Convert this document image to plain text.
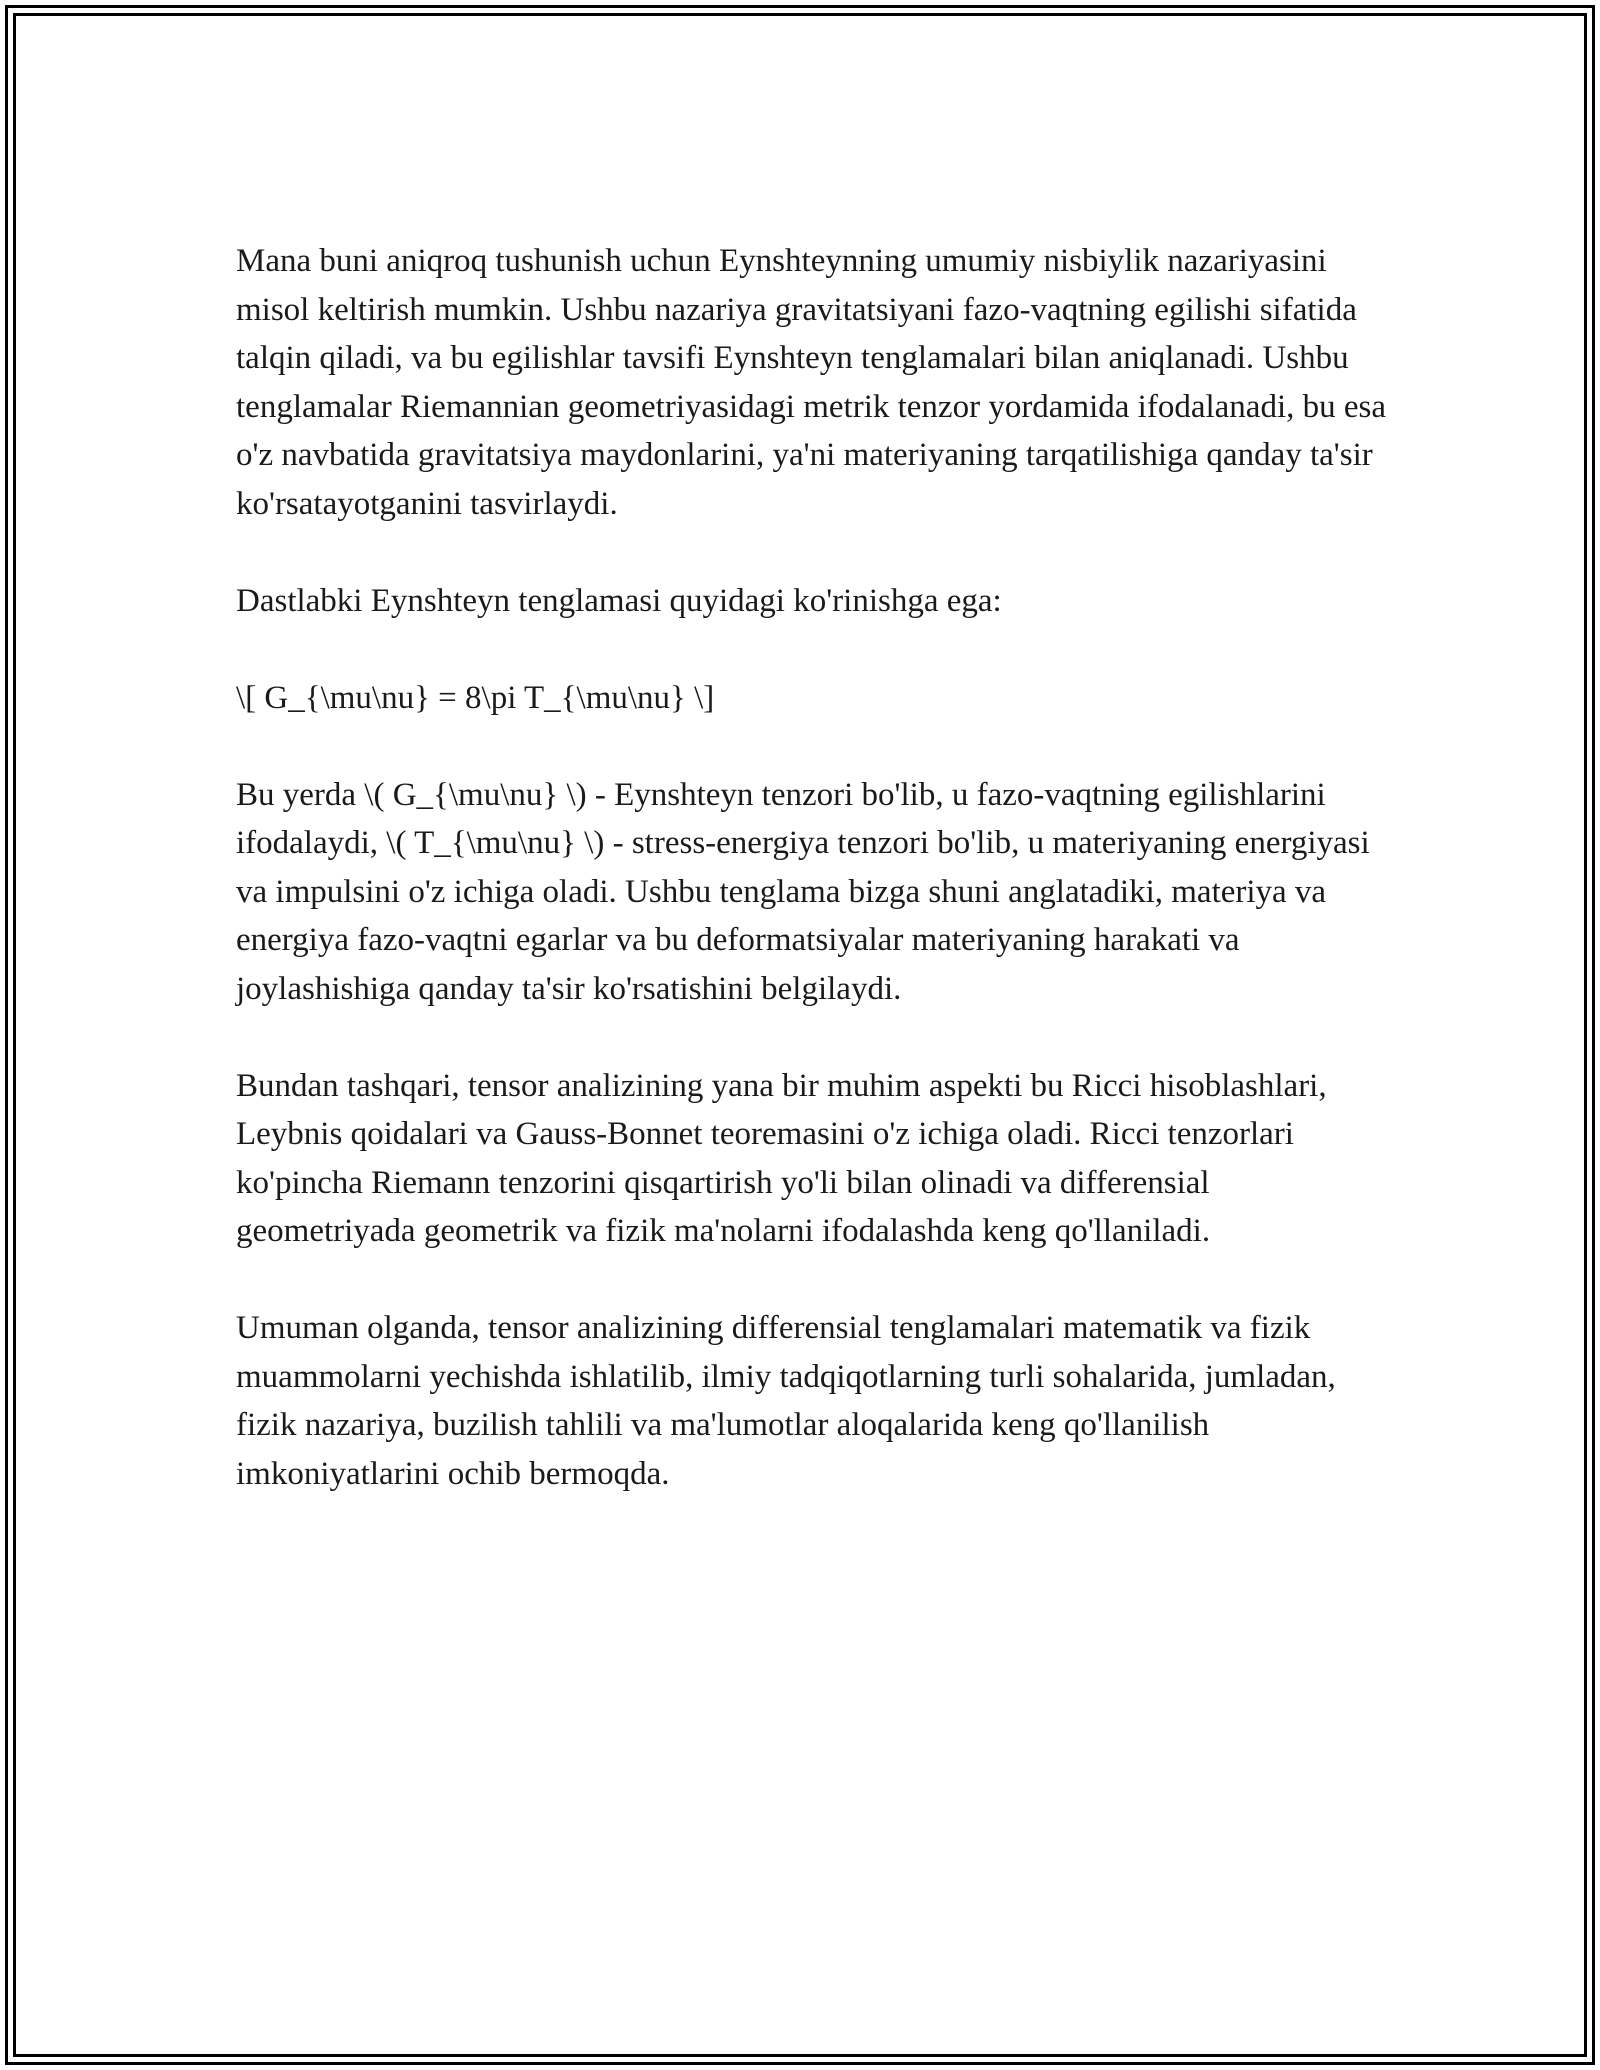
Mana buni aniqroq tushunish uchun Eynshteynning umumiy nisbiylik nazariyasini misol keltirish mumkin. Ushbu nazariya gravitatsiyani fazo-vaqtning egilishi sifatida talqin qiladi, va bu egilishlar tavsifi Eynshteyn tenglamalari bilan aniqlanadi. Ushbu tenglamalar Riemannian geometriyasidagi metrik tenzor yordamida ifodalanadi, bu esa o'z navbatida gravitatsiya maydonlarini, ya'ni materiyaning tarqatilishiga qanday ta'sir ko'rsatayotganini tasvirlaydi.

Dastlabki Eynshteyn tenglamasi quyidagi ko'rinishga ega:

\[ G_{\mu\nu} = 8\pi T_{\mu\nu} \]

Bu yerda \( G_{\mu\nu} \) - Eynshteyn tenzori bo'lib, u fazo-vaqtning egilishlarini ifodalaydi, \( T_{\mu\nu} \) - stress-energiya tenzori bo'lib, u materiyaning energiyasi va impulsini o'z ichiga oladi. Ushbu tenglama bizga shuni anglatadiki, materiya va energiya fazo-vaqtni egarlar va bu deformatsiyalar materiyaning harakati va joylashishiga qanday ta'sir ko'rsatishini belgilaydi.

Bundan tashqari, tensor analizining yana bir muhim aspekti bu Ricci hisoblashlari, Leybnis qoidalari va Gauss-Bonnet teoremasini o'z ichiga oladi. Ricci tenzorlari ko'pincha Riemann tenzorini qisqartirish yo'li bilan olinadi va differensial geometriyada geometrik va fizik ma'nolarni ifodalashda keng qo'llaniladi.

Umuman olganda, tensor analizining differensial tenglamalari matematik va fizik muammolarni yechishda ishlatilib, ilmiy tadqiqotlarning turli sohalarida, jumladan, fizik nazariya, buzilish tahlili va ma'lumotlar aloqalarida keng qo'llanilish imkoniyatlarini ochib bermoqda.
